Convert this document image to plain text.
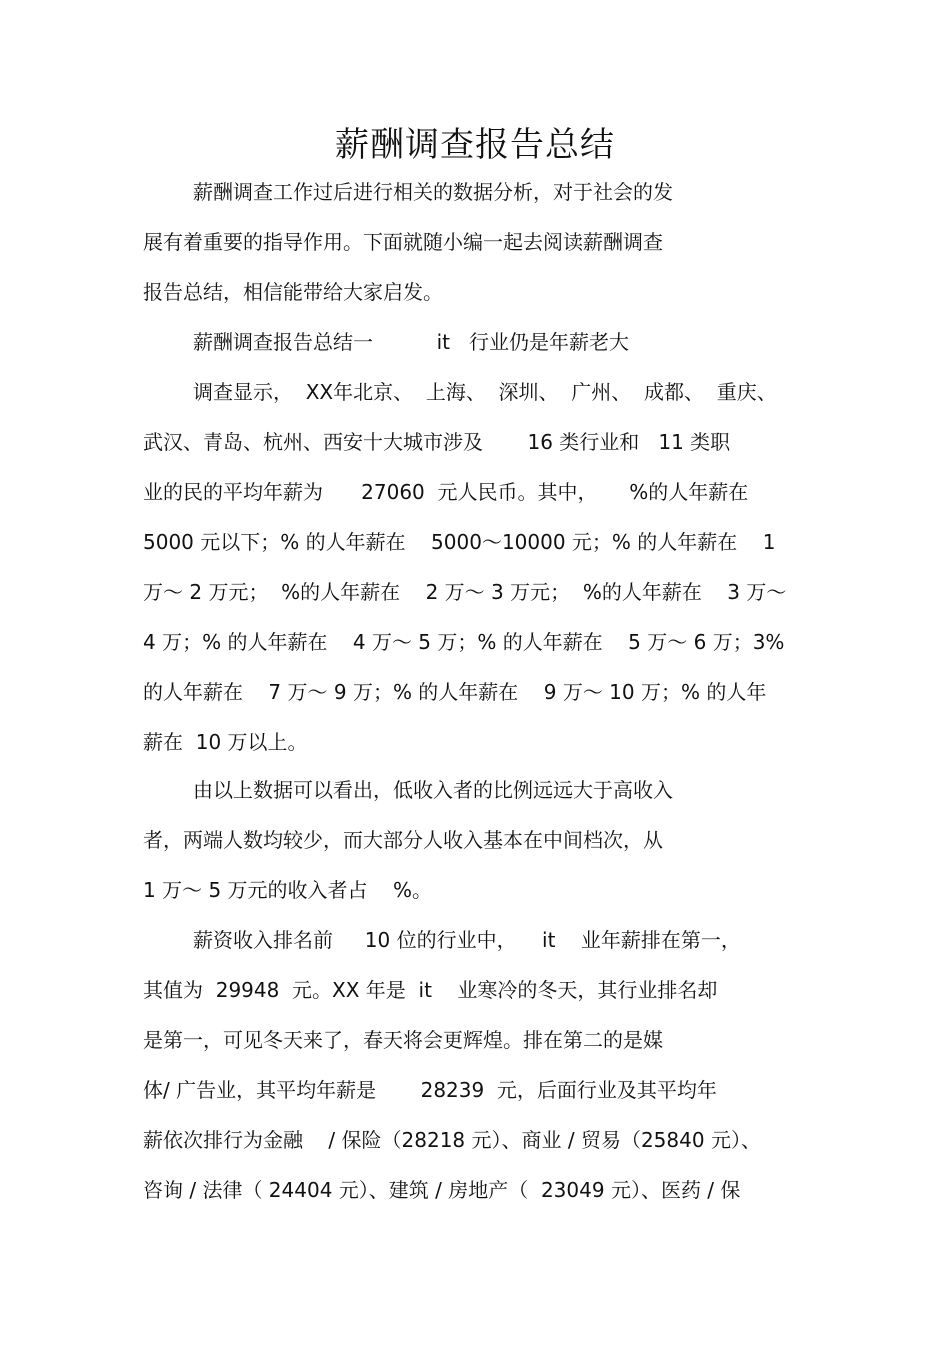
薪酬调查报告总结
薪酬调查工作过后进行相关的数据分析，对于社会的发
展有着重要的指导作用。下面就随小编一起去阅读薪酬调查
报告总结，相信能带给大家启发。
薪酬调查报告总结一          it   行业仍是年薪老大
调查显示，  XX年北京、  上海、  深圳、  广州、  成都、  重庆、
武汉、青岛、杭州、西安十大城市涉及       16 类行业和   11 类职
业的民的平均年薪为      27060  元人民币。其中，     %的人年薪在
5000 元以下；% 的人年薪在    5000～10000 元；% 的人年薪在    1
万～ 2 万元；  %的人年薪在    2 万～ 3 万元；  %的人年薪在    3 万～
4 万；% 的人年薪在    4 万～ 5 万；% 的人年薪在    5 万～ 6 万；3%
的人年薪在    7 万～ 9 万；% 的人年薪在    9 万～ 10 万；% 的人年
薪在  10 万以上。
由以上数据可以看出，低收入者的比例远远大于高收入
者，两端人数均较少，而大部分人收入基本在中间档次，从
1 万～ 5 万元的收入者占    %。
薪资收入排名前     10 位的行业中，    it    业年薪排在第一，
其值为  29948  元。XX 年是  it    业寒冷的冬天，其行业排名却
是第一，可见冬天来了，春天将会更辉煌。排在第二的是媒
体/ 广告业，其平均年薪是       28239  元，后面行业及其平均年
薪依次排行为金融    / 保险（28218 元）、商业 / 贸易（25840 元）、
咨询 / 法律（ 24404 元）、建筑 / 房地产（  23049 元）、医药 / 保
